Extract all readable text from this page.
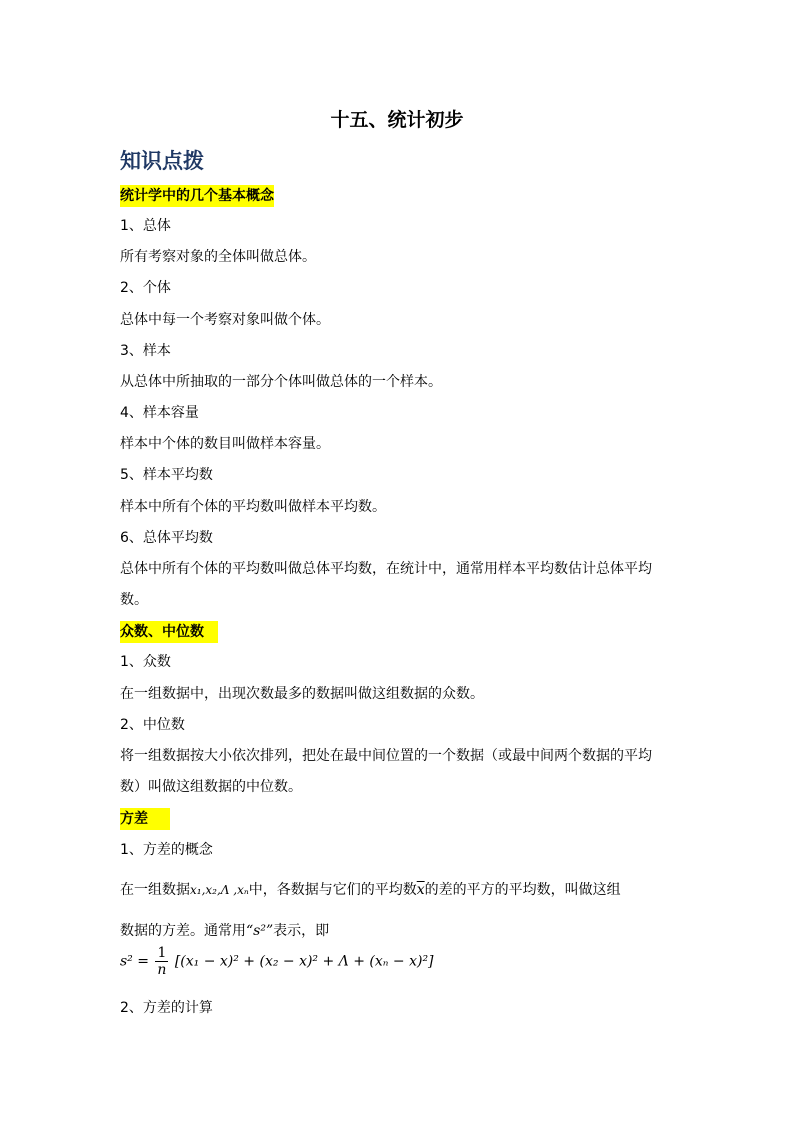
十五、统计初步
知识点拨
统计学中的几个基本概念
1、总体
所有考察对象的全体叫做总体。
2、个体
总体中每一个考察对象叫做个体。
3、样本
从总体中所抽取的一部分个体叫做总体的一个样本。
4、样本容量
样本中个体的数目叫做样本容量。
5、样本平均数
样本中所有个体的平均数叫做样本平均数。
6、总体平均数
总体中所有个体的平均数叫做总体平均数，在统计中，通常用样本平均数估计总体平均
数。
众数、中位数
1、众数
在一组数据中，出现次数最多的数据叫做这组数据的众数。
2、中位数
将一组数据按大小依次排列，把处在最中间位置的一个数据（或最中间两个数据的平均
数）叫做这组数据的中位数。
方差
1、方差的概念
在一组数据x₁,x₂,Λ ,xₙ中，各数据与它们的平均数$\overline{x}$的差的平方的平均数，叫做这组
数据的方差。通常用“s²”表示，即
$s^2 = \frac{1}{n} [(x_1 - x)^2 + (x_2 - x)^2 + \Lambda + (x_n - x)^2]$
2、方差的计算
